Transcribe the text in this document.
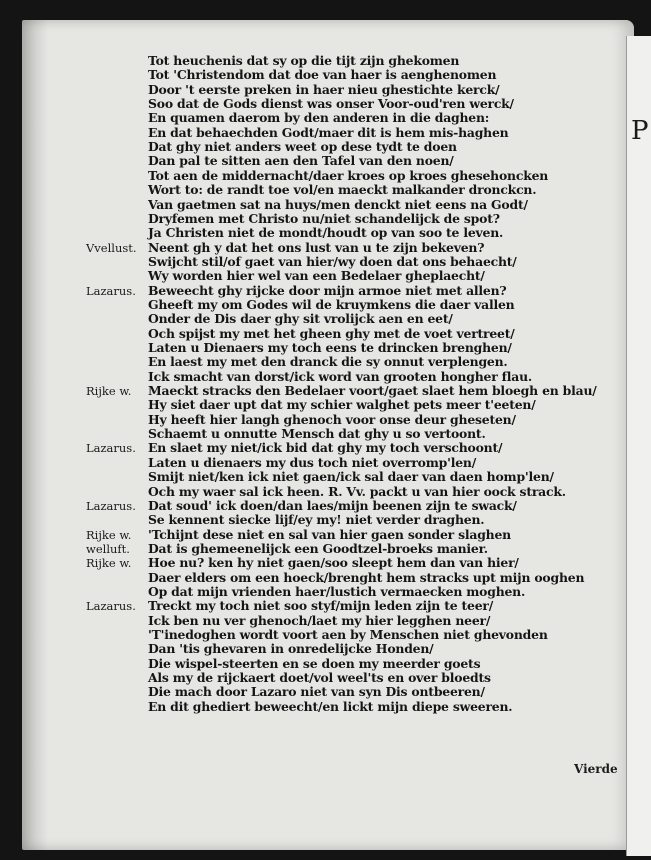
Tot heuchenis dat sy op die tijt zijn ghekomen
Tot 'Christendom dat doe van haer is aenghenomen
Door 't eerste preken in haer nieu ghestichte kerck/
Soo dat de Gods dienst was onser Voor-oud'ren werck/
En quamen daerom by den anderen in die daghen:
En dat behaechden Godt/maer dit is hem mis-haghen
Dat ghy niet anders weet op dese tydt te doen
Dan pal te sitten aen den Tafel van den noen/
Tot aen de middernacht/daer kroes op kroes ghesehoncken
Wort to: de randt toe vol/en maeckt malkander dronckcn.
Van gaetmen sat na huys/men denckt niet eens na Godt/
Dryfemen met Christo nu/niet schandelijck de spot?
Ja Christen niet de mondt/houdt op van soo te leven.
Vvellust. Neent gh y dat het ons lust van u te zijn bekeven?
Swijcht stil/of gaet van hier/wy doen dat ons behaecht/
Wy worden hier wel van een Bedelaer gheplaecht/
Lazarus. Beweecht ghy rijcke door mijn armoe niet met allen?
Gheeft my om Godes wil de kruymkens die daer vallen
Onder de Dis daer ghy sit vrolijck aen en eet/
Och spijst my met het gheen ghy met de voet vertreet/
Laten u Dienaers my toch eens te drincken brenghen/
En laest my met den dranck die sy onnut verplengen.
Ick smacht van dorst/ick word van grooten hongher flau.
Rijke w. Maeckt stracks den Bedelaer voort/gaet slaet hem bloegh en blau/
Hy siet daer upt dat my schier walghet pets meer t'eeten/
Hy heeft hier langh ghenoch voor onse deur gheseten/
Schaemt u onnutte Mensch dat ghy u so vertoont.
Lazarus. En slaet my niet/ick bid dat ghy my toch verschoont/
Laten u dienaers my dus toch niet overromp'len/
Smijt niet/ken ick niet gaen/ick sal daer van daen homp'len/
Och my waer sal ick heen. R. Vv. packt u van hier oock strack.
Lazarus. Dat soud' ick doen/dan laes/mijn beenen zijn te swack/
Se kennent siecke lijf/ey my! niet verder draghen.
Rijke w. 'Tchijnt dese niet en sal van hier gaen sonder slaghen
welluft. Dat is ghemeenelijck een Goodtzel-broeks manier.
Rijke w. Hoe nu? ken hy niet gaen/soo sleept hem dan van hier/
Daer elders om een hoeck/brenght hem stracks upt mijn ooghen
Op dat mijn vrienden haer/lustich vermaecken moghen.
Lazarus. Treckt my toch niet soo styf/mijn leden zijn te teer/
Ick ben nu ver ghenoch/laet my hier legghen neer/
'T'inedoghen wordt voort aen by Menschen niet ghevonden
Dan 'tis ghevaren in onredelijcke Honden/
Die wispel-steerten en se doen my meerder goets
Als my de rijckaert doet/vol weel'ts en over bloedts
Die mach door Lazaro niet van syn Dis ontbeeren/
En dit ghediert beweecht/en lickt mijn diepe sweeren.
Vierde
P
